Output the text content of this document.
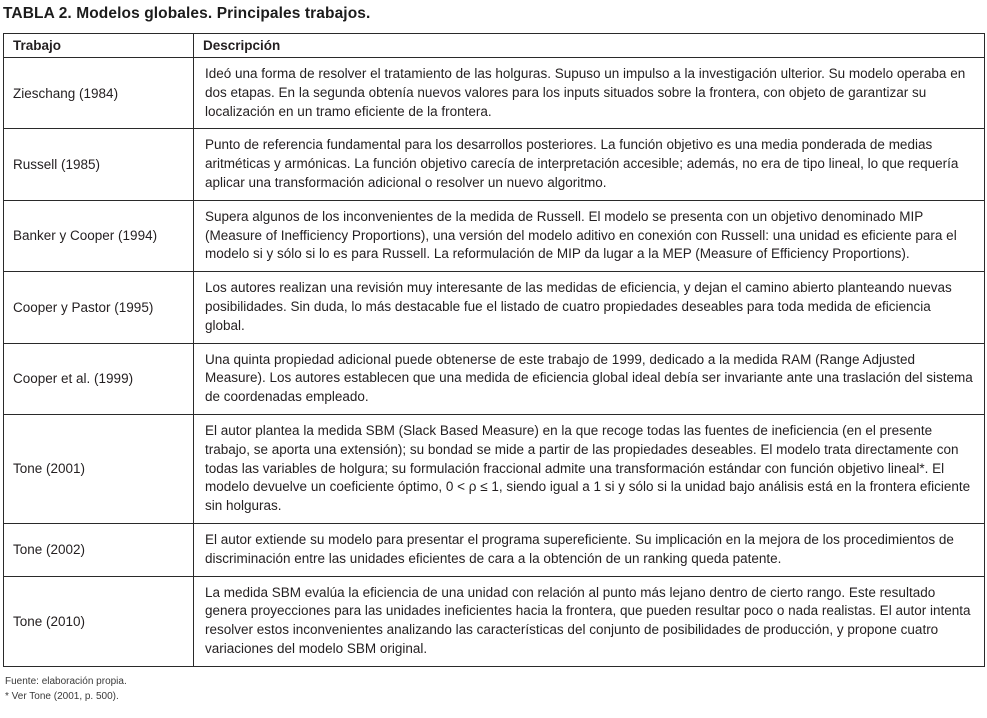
TABLA 2. Modelos globales. Principales trabajos.
Trabajo	Descripción
Zieschang (1984)	Ideó una forma de resolver el tratamiento de las holguras. Supuso un impulso a la investigación ulterior. Su modelo operaba en dos etapas. En la segunda obtenía nuevos valores para los inputs situados sobre la frontera, con objeto de garantizar su localización en un tramo eficiente de la frontera.
Russell (1985)	Punto de referencia fundamental para los desarrollos posteriores. La función objetivo es una media ponderada de medias aritméticas y armónicas. La función objetivo carecía de interpretación accesible; además, no era de tipo lineal, lo que requería aplicar una transformación adicional o resolver un nuevo algoritmo.
Banker y Cooper (1994)	Supera algunos de los inconvenientes de la medida de Russell. El modelo se presenta con un objetivo denominado MIP (Measure of Inefficiency Proportions), una versión del modelo aditivo en conexión con Russell: una unidad es eficiente para el modelo si y sólo si lo es para Russell. La reformulación de MIP da lugar a la MEP (Measure of Efficiency Proportions).
Cooper y Pastor (1995)	Los autores realizan una revisión muy interesante de las medidas de eficiencia, y dejan el camino abierto planteando nuevas posibilidades. Sin duda, lo más destacable fue el listado de cuatro propiedades deseables para toda medida de eficiencia global.
Cooper et al. (1999)	Una quinta propiedad adicional puede obtenerse de este trabajo de 1999, dedicado a la medida RAM (Range Adjusted Measure). Los autores establecen que una medida de eficiencia global ideal debía ser invariante ante una traslación del sistema de coordenadas empleado.
Tone (2001)	El autor plantea la medida SBM (Slack Based Measure) en la que recoge todas las fuentes de ineficiencia (en el presente trabajo, se aporta una extensión); su bondad se mide a partir de las propiedades deseables. El modelo trata directamente con todas las variables de holgura; su formulación fraccional admite una transformación estándar con función objetivo lineal*. El modelo devuelve un coeficiente óptimo, 0 < ρ ≤ 1, siendo igual a 1 si y sólo si la unidad bajo análisis está en la frontera eficiente sin holguras.
Tone (2002)	El autor extiende su modelo para presentar el programa supereficiente. Su implicación en la mejora de los procedimientos de discriminación entre las unidades eficientes de cara a la obtención de un ranking queda patente.
Tone (2010)	La medida SBM evalúa la eficiencia de una unidad con relación al punto más lejano dentro de cierto rango. Este resultado genera proyecciones para las unidades ineficientes hacia la frontera, que pueden resultar poco o nada realistas. El autor intenta resolver estos inconvenientes analizando las características del conjunto de posibilidades de producción, y propone cuatro variaciones del modelo SBM original.
Fuente: elaboración propia.
* Ver Tone (2001, p. 500).
